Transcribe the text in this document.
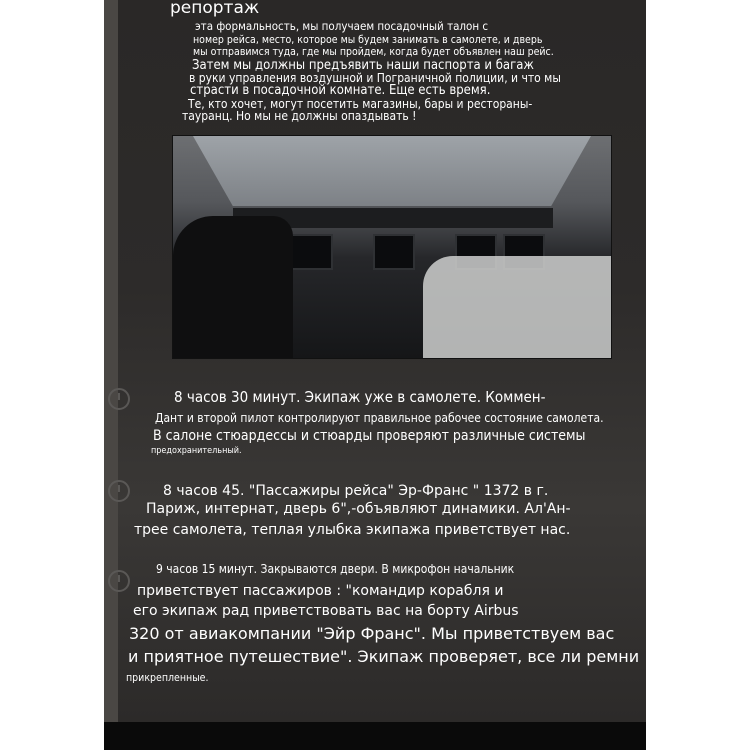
репортаж
эта формальность, мы получаем посадочный талон с
номер рейса, место, которое мы будем занимать в самолете, и дверь
мы отправимся туда, где мы пройдем, когда будет объявлен наш рейс.
Затем мы должны предъявить наши паспорта и багаж
в руки управления воздушной и Пограничной полиции, и что мы
страсти в посадочной комнате. Еще есть время.
Те, кто хочет, могут посетить магазины, бары и рестораны-
тауранц. Но мы не должны опаздывать !
8 часов 30 минут. Экипаж уже в самолете. Коммен-
Дант и второй пилот контролируют правильное рабочее состояние самолета.
В салоне стюардессы и стюарды проверяют различные системы
предохранительный.
8 часов 45. "Пассажиры рейса" Эр-Франс " 1372 в г.
Париж, интернат, дверь 6",-объявляют динамики. Ал'Ан-
трее самолета, теплая улыбка экипажа приветствует нас.
9 часов 15 минут. Закрываются двери. В микрофон начальник
приветствует пассажиров : "командир корабля и
его экипаж рад приветствовать вас на борту Airbus
320 от авиакомпании "Эйр Франс". Мы приветствуем вас
и приятное путешествие". Экипаж проверяет, все ли ремни
прикрепленные.
